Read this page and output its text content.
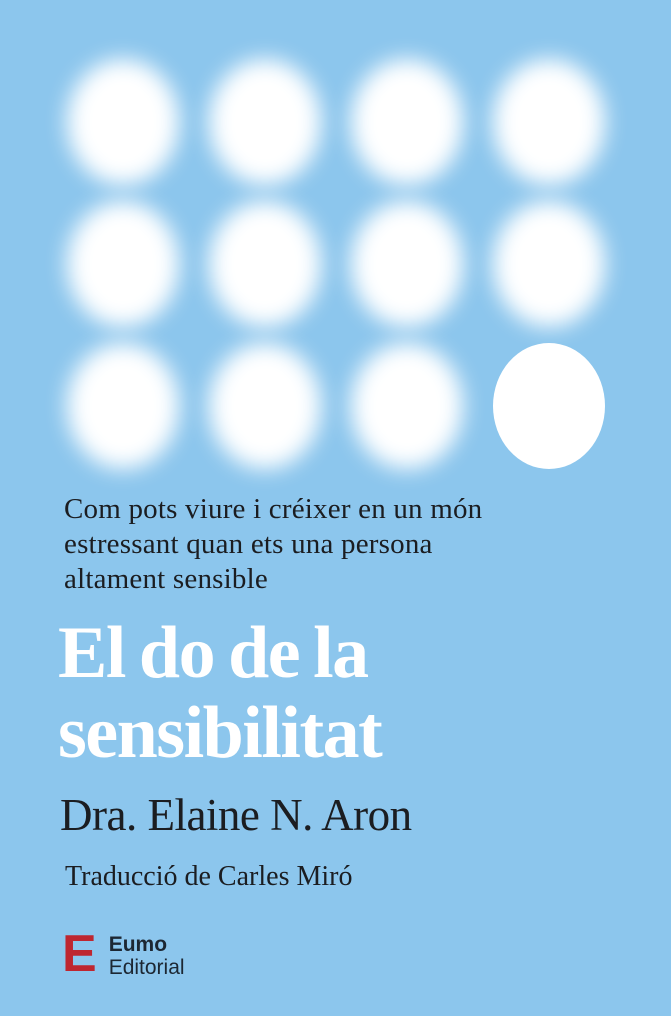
Com pots viure i créixer en un món
estressant quan ets una persona
altament sensible
El do de la
sensibilitat
Dra. Elaine N. Aron
Traducció de Carles Miró
E Eumo
Editorial
